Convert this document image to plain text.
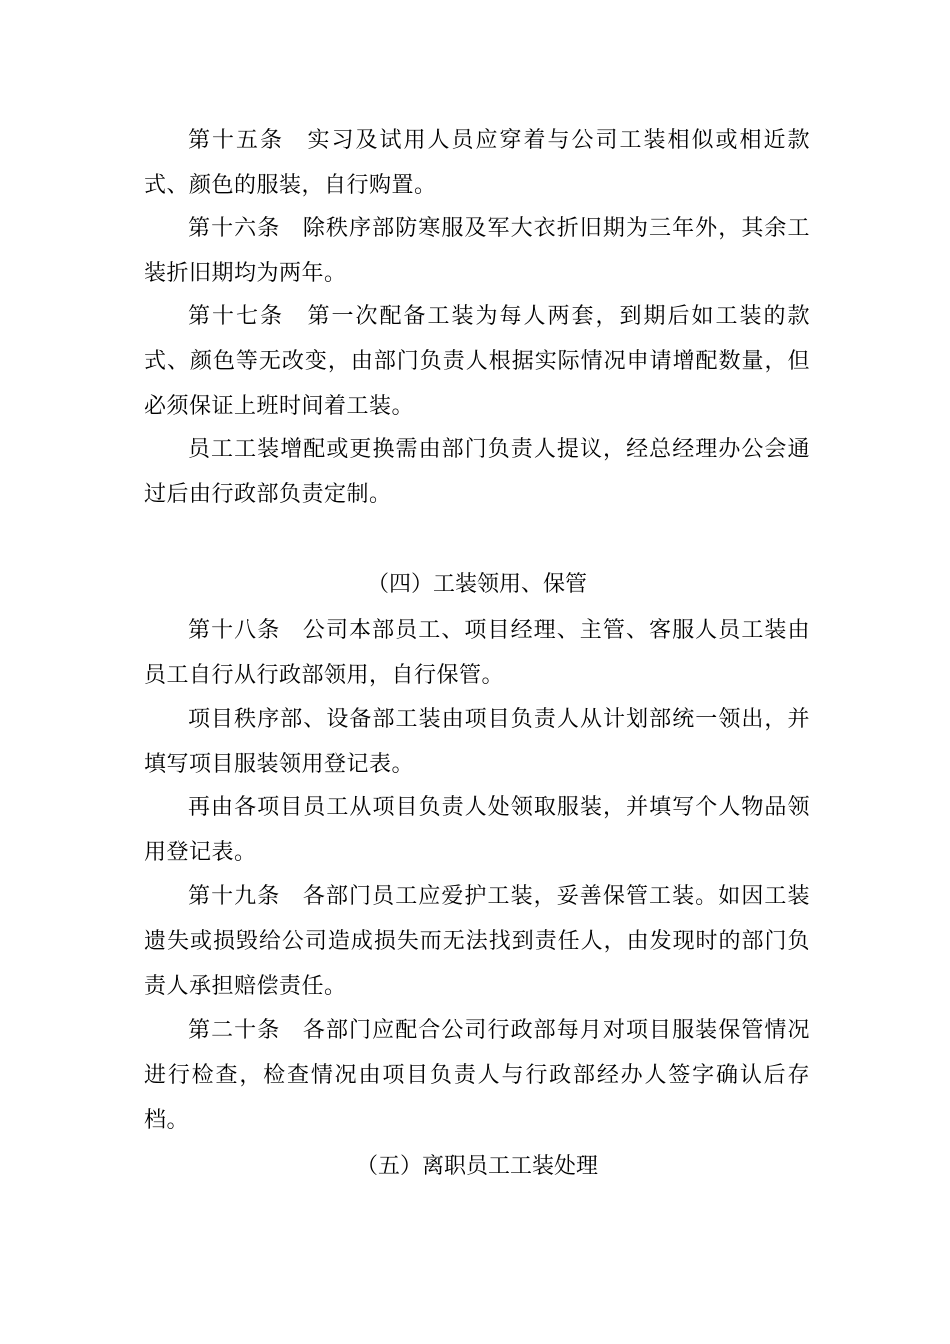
第十五条 实习及试用人员应穿着与公司工装相似或相近款式、颜色的服装，自行购置。

第十六条 除秩序部防寒服及军大衣折旧期为三年外，其余工装折旧期均为两年。

第十七条 第一次配备工装为每人两套，到期后如工装的款式、颜色等无改变，由部门负责人根据实际情况申请增配数量，但必须保证上班时间着工装。

员工工装增配或更换需由部门负责人提议，经总经理办公会通过后由行政部负责定制。

（四）工装领用、保管

第十八条 公司本部员工、项目经理、主管、客服人员工装由员工自行从行政部领用，自行保管。

项目秩序部、设备部工装由项目负责人从计划部统一领出，并填写项目服装领用登记表。

再由各项目员工从项目负责人处领取服装，并填写个人物品领用登记表。

第十九条 各部门员工应爱护工装，妥善保管工装。如因工装遗失或损毁给公司造成损失而无法找到责任人，由发现时的部门负责人承担赔偿责任。

第二十条 各部门应配合公司行政部每月对项目服装保管情况进行检查，检查情况由项目负责人与行政部经办人签字确认后存档。

（五）离职员工工装处理
